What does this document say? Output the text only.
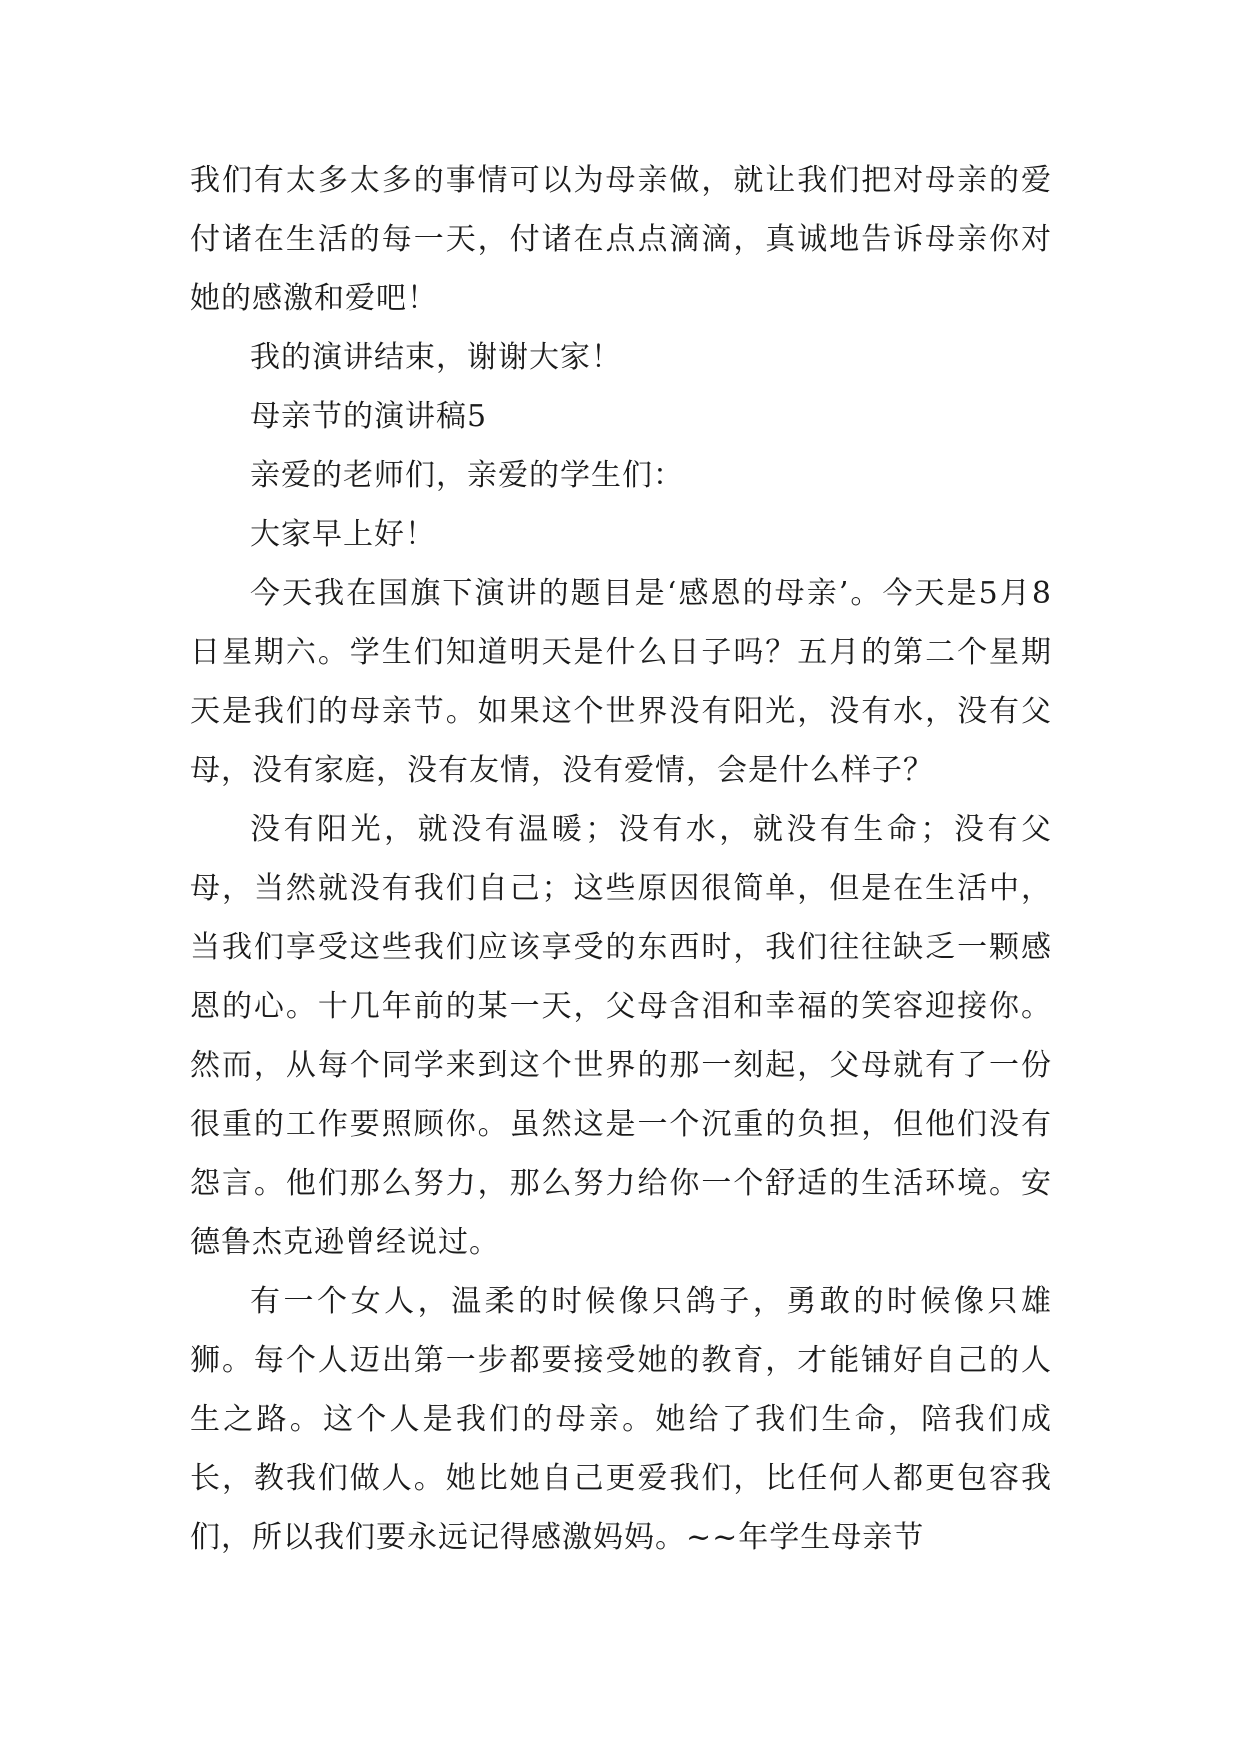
我们有太多太多的事情可以为母亲做，就让我们把对母亲的爱付诸在生活的每一天，付诸在点点滴滴，真诚地告诉母亲你对她的感激和爱吧！

我的演讲结束，谢谢大家！

母亲节的演讲稿5

亲爱的老师们，亲爱的学生们：

大家早上好！

今天我在国旗下演讲的题目是‘感恩的母亲’。今天是5月8日星期六。学生们知道明天是什么日子吗？五月的第二个星期天是我们的母亲节。如果这个世界没有阳光，没有水，没有父母，没有家庭，没有友情，没有爱情，会是什么样子？

没有阳光，就没有温暖；没有水，就没有生命；没有父母，当然就没有我们自己；这些原因很简单，但是在生活中，当我们享受这些我们应该享受的东西时，我们往往缺乏一颗感恩的心。十几年前的某一天，父母含泪和幸福的笑容迎接你。然而，从每个同学来到这个世界的那一刻起，父母就有了一份很重的工作要照顾你。虽然这是一个沉重的负担，但他们没有怨言。他们那么努力，那么努力给你一个舒适的生活环境。安德鲁杰克逊曾经说过。

有一个女人，温柔的时候像只鸽子，勇敢的时候像只雄狮。每个人迈出第一步都要接受她的教育，才能铺好自己的人生之路。这个人是我们的母亲。她给了我们生命，陪我们成长，教我们做人。她比她自己更爱我们，比任何人都更包容我们，所以我们要永远记得感激妈妈。~~年学生母亲节
